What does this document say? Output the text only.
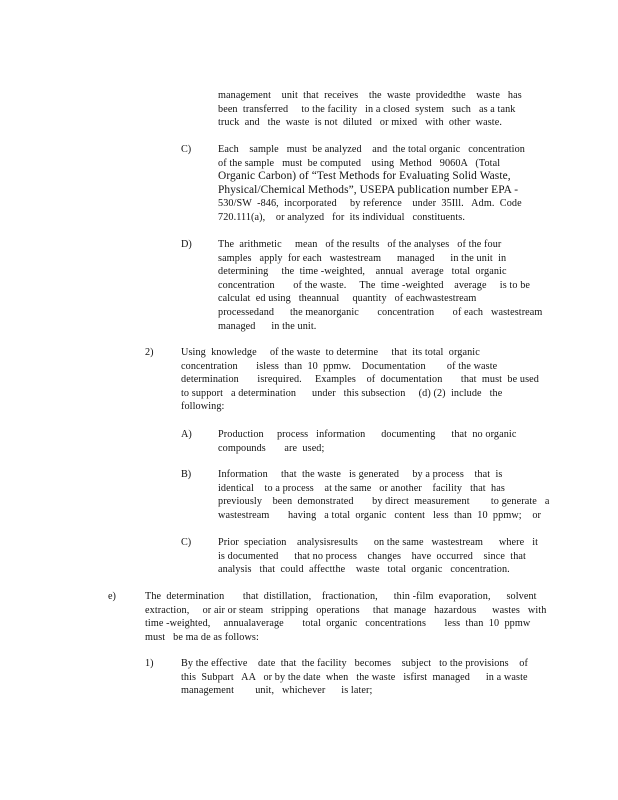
management    unit  that  receives    the  waste  providedthe    waste   has
been  transferred     to the facility   in a closed  system   such   as a tank
truck  and   the  waste  is not  diluted   or mixed   with  other  waste.
C)	Each    sample   must  be analyzed    and  the total organic   concentration
of the sample   must  be computed    using  Method   9060A   (Total
Organic Carbon) of “Test Methods for Evaluating Solid Waste,
Physical/Chemical Methods”, USEPA publication number EPA -
530/SW  -846,  incorporated     by reference    under  35Ill.   Adm.  Code
720.111(a),    or analyzed   for  its individual   constituents.
D)	The  arithmetic     mean   of the results   of the analyses   of the four
samples   apply  for each   wastestream      managed      in the unit  in
determining     the  time -weighted,    annual   average   total  organic
concentration       of the waste.     The  time -weighted    average     is to be
calculat  ed using   theannual     quantity   of eachwastestream
processedand      the meanorganic       concentration       of each   wastestream
managed      in the unit.
2)	Using  knowledge     of the waste  to determine     that  its total  organic
concentration       isless  than  10  ppmw.    Documentation        of the waste
determination       isrequired.     Examples    of  documentation       that  must  be used
to support   a determination      under   this subsection     (d) (2)  include   the
following:
A)	Production     process   information      documenting      that  no organic
compounds       are  used;
B)	Information     that  the waste   is generated     by a process    that  is
identical    to a process    at the same   or another    facility   that  has
previously    been  demonstrated       by direct  measurement        to generate   a
wastestream       having   a total  organic   content   less  than  10  ppmw;    or
C)	Prior  speciation    analysisresults      on the same   wastestream      where   it
is documented      that no process    changes    have  occurred    since  that
analysis   that  could  affectthe    waste   total  organic   concentration.
e)	The  determination       that  distillation,    fractionation,      thin -film  evaporation,      solvent
extraction,     or air or steam   stripping   operations     that  manage   hazardous      wastes   with
time -weighted,     annualaverage       total  organic   concentrations       less  than  10  ppmw
must   be ma de as follows:
1)	By the effective    date  that  the facility   becomes    subject   to the provisions    of
this  Subpart   AA   or by the date  when   the waste   isfirst  managed      in a waste
management        unit,   whichever      is later;
